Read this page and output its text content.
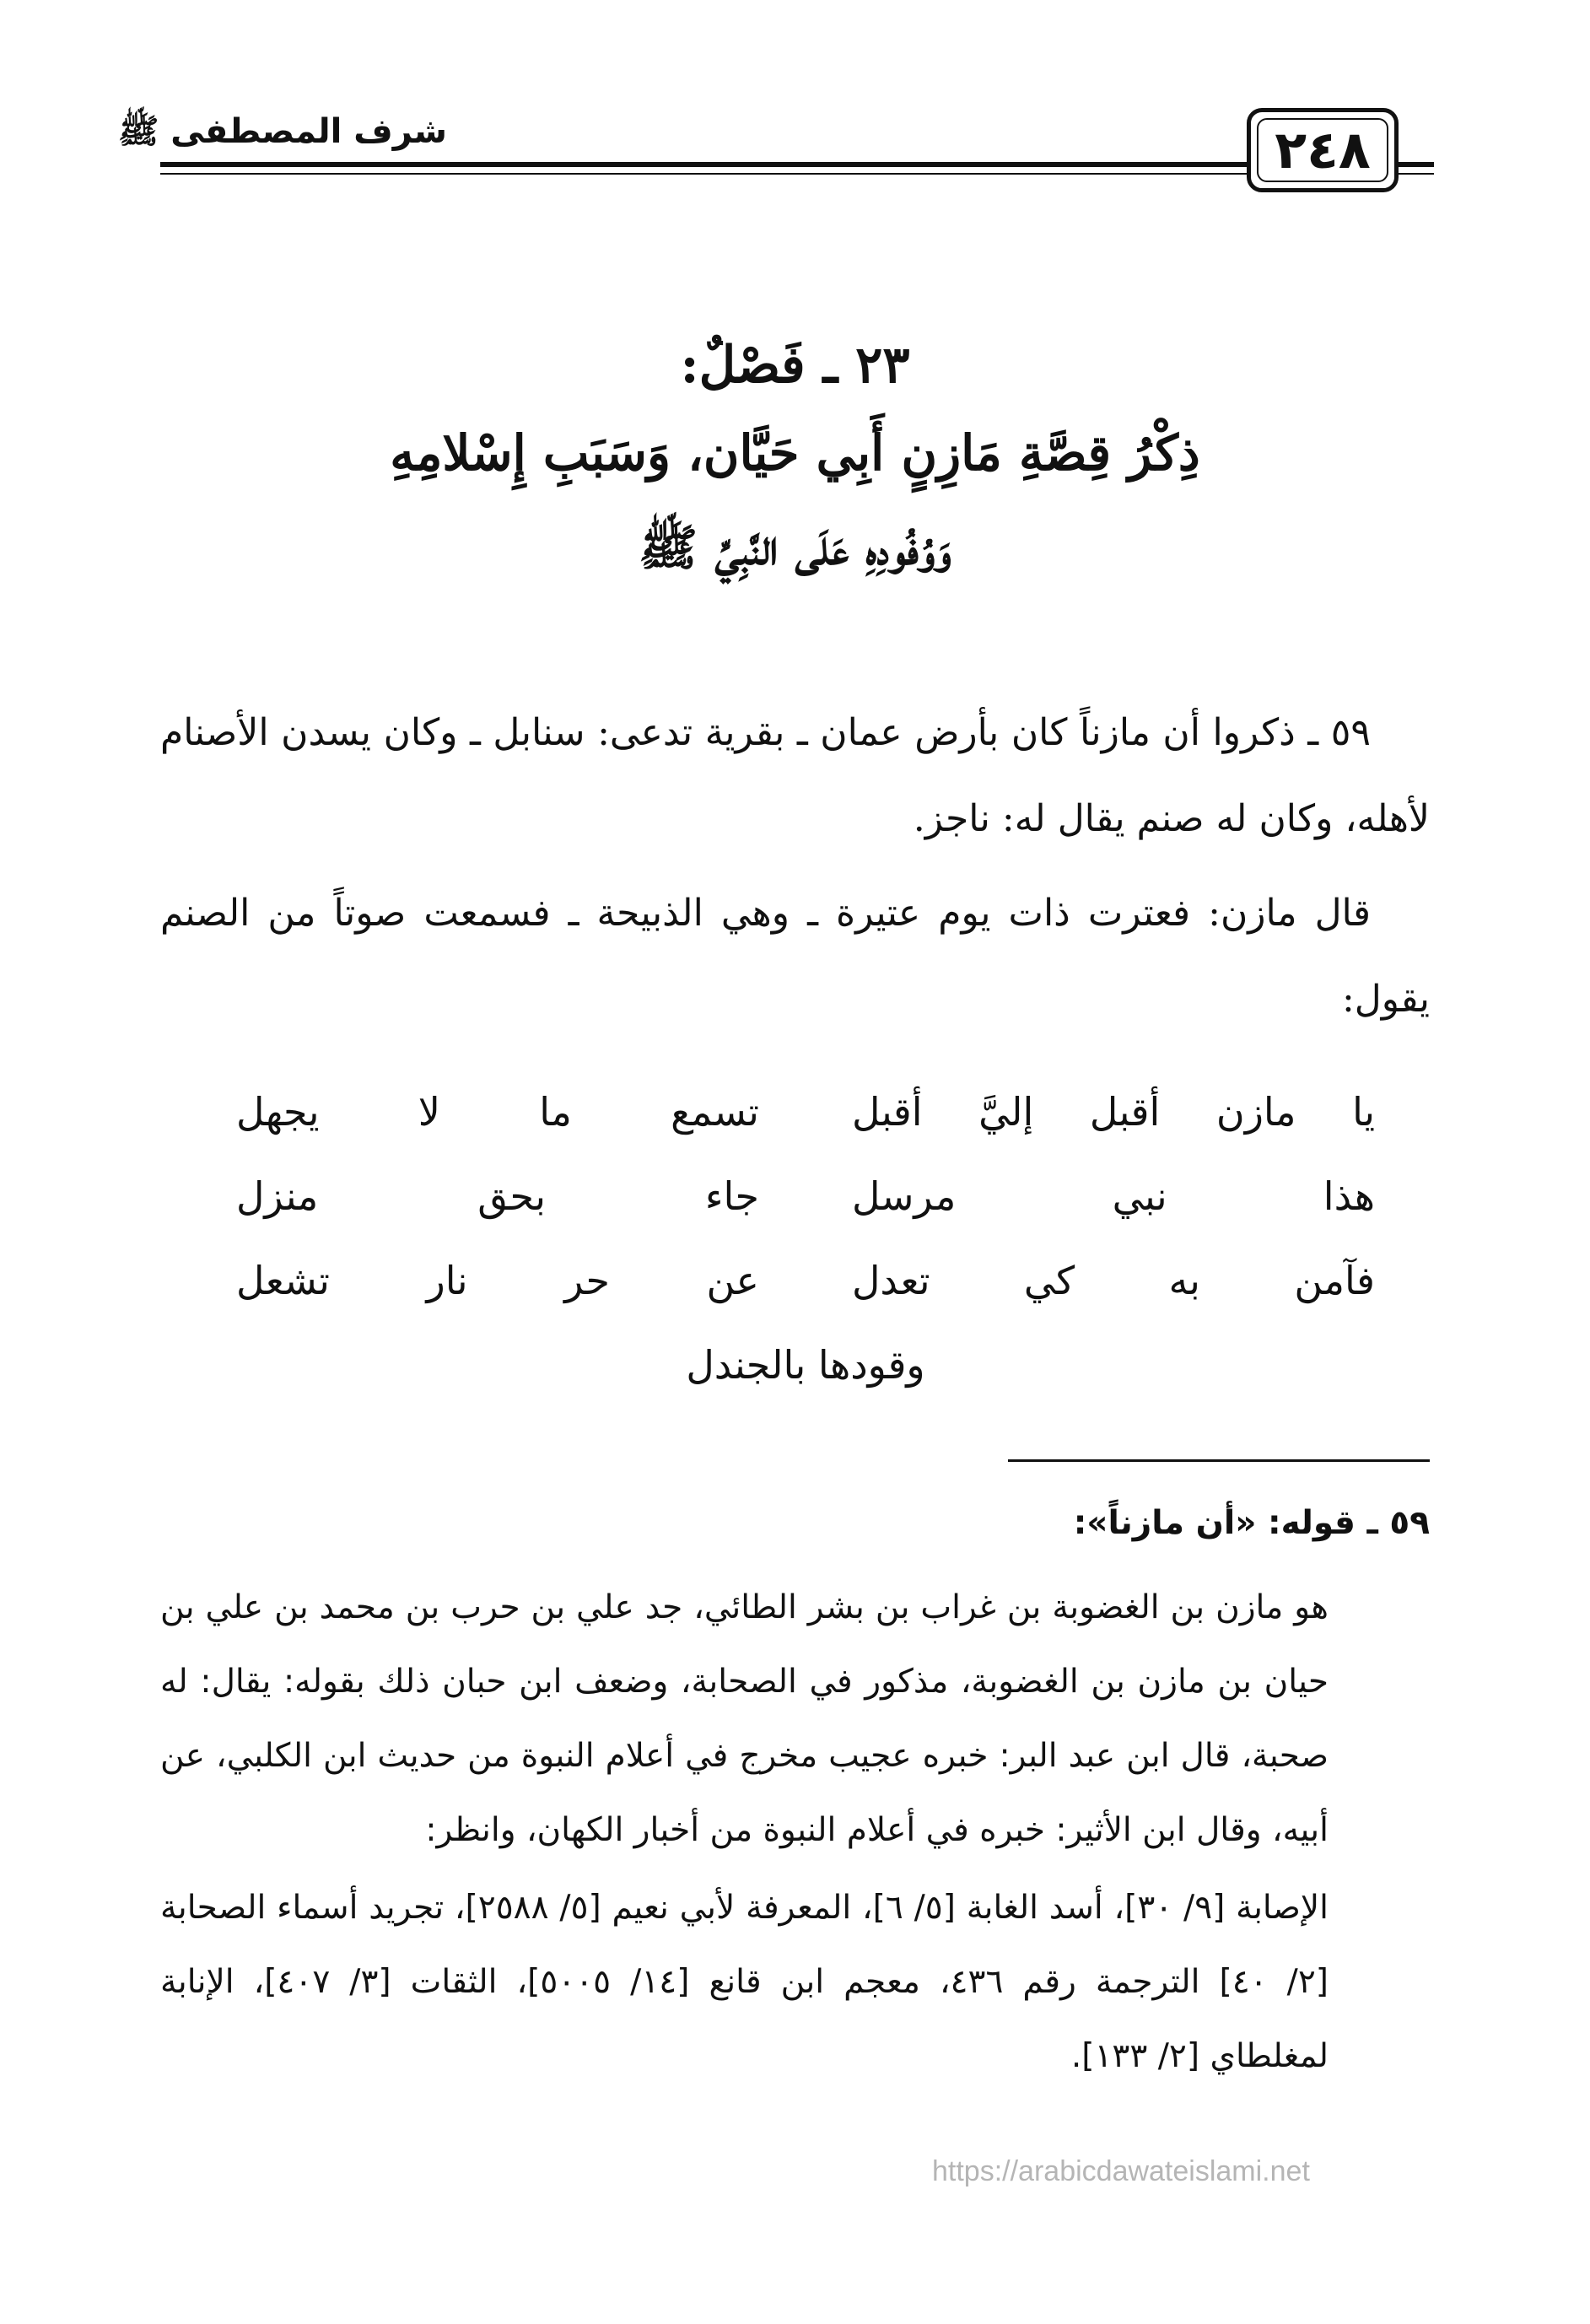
٢٤٨
شرف المصطفى ﷺ
٢٣ ـ فَصْلٌ:
ذِكْرُ قِصَّةِ مَازِنٍ أَبِي حَيَّان، وَسَبَبِ إِسْلامِهِ
وَوُفُودِهِ عَلَى النَّبِيِّ ﷺ

٥٩ ـ ذكروا أن مازناً كان بأرض عمان ـ بقرية تدعى: سنابل ـ وكان يسدن الأصنام لأهله، وكان له صنم يقال له: ناجز.

قال مازن: فعترت ذات يوم عتيرة ـ وهي الذبيحة ـ فسمعت صوتاً من الصنم يقول:

يا مازن أقبل إليَّ أقبل
تسمع ما لا يجهل
هذا نبي مرسل
جاء بحق منزل
فآمن به كي تعدل
عن حر نار تشعل
وقودها بالجندل

٥٩ ـ قوله: «أن مازناً»:

هو مازن بن الغضوبة بن غراب بن بشر الطائي، جد علي بن حرب بن محمد بن علي بن حيان بن مازن بن الغضوبة، مذكور في الصحابة، وضعف ابن حبان ذلك بقوله: يقال: له صحبة، قال ابن عبد البر: خبره عجيب مخرج في أعلام النبوة من حديث ابن الكلبي، عن أبيه، وقال ابن الأثير: خبره في أعلام النبوة من أخبار الكهان، وانظر:

الإصابة [٩/ ٣٠]، أسد الغابة [٥/ ٦]، المعرفة لأبي نعيم [٥/ ٢٥٨٨]، تجريد أسماء الصحابة [٢/ ٤٠] الترجمة رقم ٤٣٦، معجم ابن قانع [١٤/ ٥٠٠٥]، الثقات [٣/ ٤٠٧]، الإنابة لمغلطاي [٢/ ١٣٣].

https://arabicdawateislami.net
